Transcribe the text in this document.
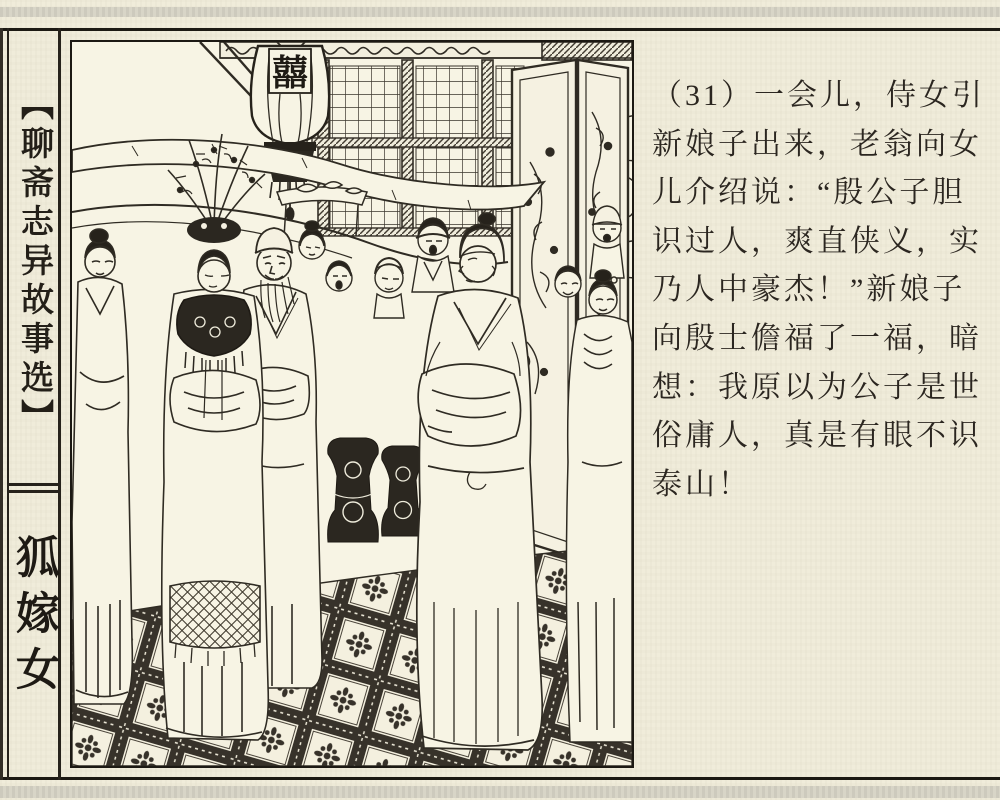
【聊斋志异故事选】
狐嫁女
囍
（31）一会儿，侍女引
新娘子出来，老翁向女
儿介绍说：“殷公子胆
识过人，爽直侠义，实
乃人中豪杰！”新娘子
向殷士儋福了一福，暗
想：我原以为公子是世
俗庸人，真是有眼不识
泰山！
